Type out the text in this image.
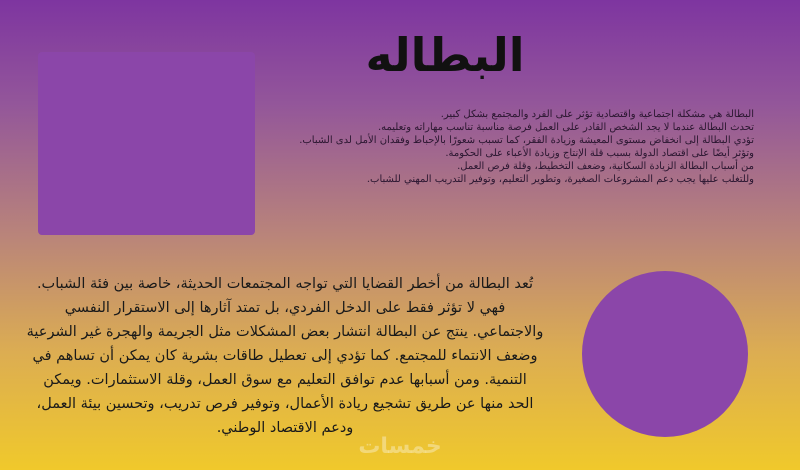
البطاله
البطالة هي مشكلة اجتماعية واقتصادية تؤثر على الفرد والمجتمع بشكل كبير.
تحدث البطالة عندما لا يجد الشخص القادر على العمل فرصة مناسبة تناسب مهاراته وتعليمه.
تؤدي البطالة إلى انخفاض مستوى المعيشة وزيادة الفقر، كما تسبب شعورًا بالإحباط وفقدان الأمل لدى الشباب.
وتؤثر أيضًا على اقتصاد الدولة بسبب قلة الإنتاج وزيادة الأعباء على الحكومة.
من أسباب البطالة الزيادة السكانية، وضعف التخطيط، وقلة فرص العمل.
وللتغلب عليها يجب دعم المشروعات الصغيرة، وتطوير التعليم، وتوفير التدريب المهني للشباب.
تُعد البطالة من أخطر القضايا التي تواجه المجتمعات الحديثة، خاصة بين فئة الشباب.
فهي لا تؤثر فقط على الدخل الفردي، بل تمتد آثارها إلى الاستقرار النفسي
والاجتماعي. ينتج عن البطالة انتشار بعض المشكلات مثل الجريمة والهجرة غير الشرعية
وضعف الانتماء للمجتمع. كما تؤدي إلى تعطيل طاقات بشرية كان يمكن أن تساهم في
التنمية. ومن أسبابها عدم توافق التعليم مع سوق العمل، وقلة الاستثمارات. ويمكن
الحد منها عن طريق تشجيع ريادة الأعمال، وتوفير فرص تدريب، وتحسين بيئة العمل،
ودعم الاقتصاد الوطني.
خمسات
